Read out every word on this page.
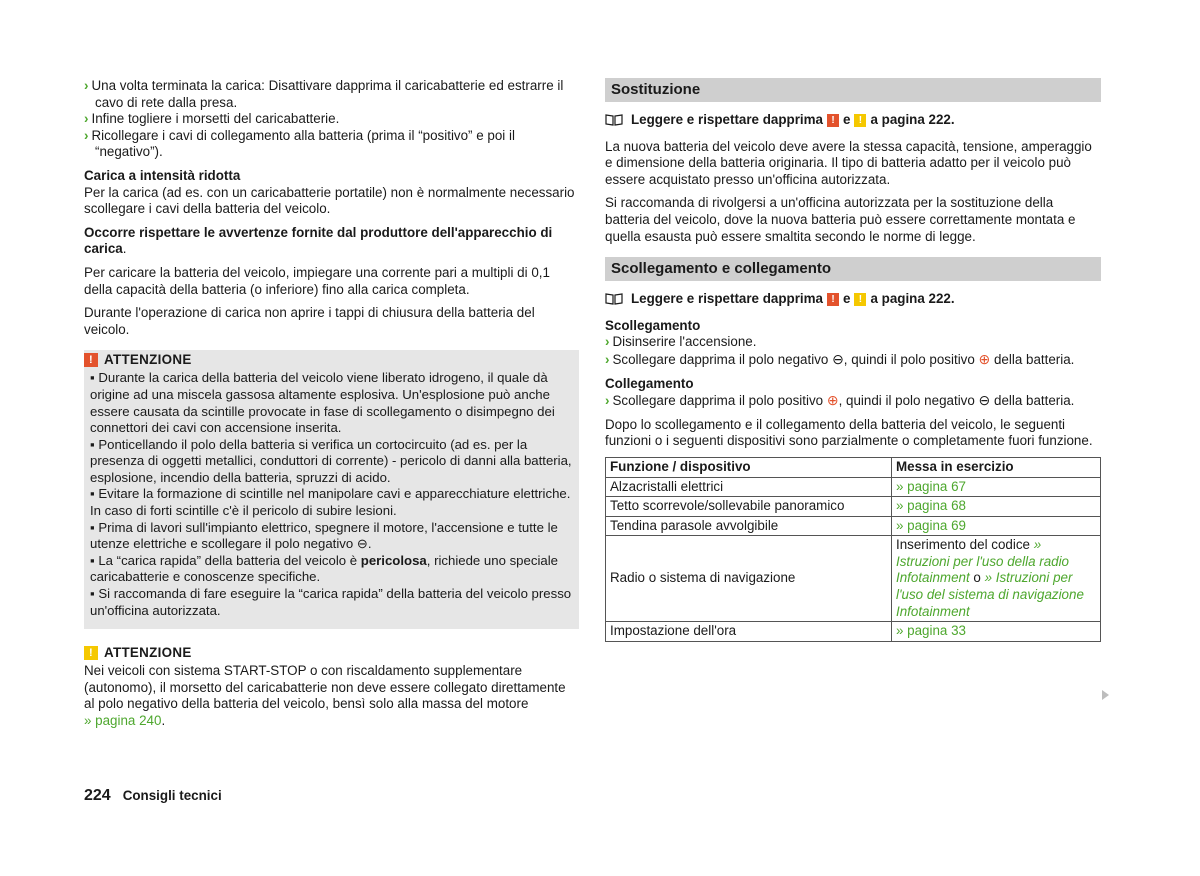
› Una volta terminata la carica: Disattivare dapprima il caricabatterie ed estrarre il cavo di rete dalla presa.

› Infine togliere i morsetti del caricabatterie.

› Ricollegare i cavi di collegamento alla batteria (prima il “positivo” e poi il “negativo”).

Carica a intensità ridotta

Per la carica (ad es. con un caricabatterie portatile) non è normalmente necessario scollegare i cavi della batteria del veicolo.

Occorre rispettare le avvertenze fornite dal produttore dell'apparecchio di carica.

Per caricare la batteria del veicolo, impiegare una corrente pari a multipli di 0,1 della capacità della batteria (o inferiore) fino alla carica completa.

Durante l'operazione di carica non aprire i tappi di chiusura della batteria del veicolo.

! ATTENZIONE

▪ Durante la carica della batteria del veicolo viene liberato idrogeno, il quale dà origine ad una miscela gassosa altamente esplosiva. Un'esplosione può anche essere causata da scintille provocate in fase di scollegamento o disimpegno dei connettori dei cavi con accensione inserita.

▪ Ponticellando il polo della batteria si verifica un cortocircuito (ad es. per la presenza di oggetti metallici, conduttori di corrente) - pericolo di danni alla batteria, esplosione, incendio della batteria, spruzzi di acido.

▪ Evitare la formazione di scintille nel manipolare cavi e apparecchiature elettriche. In caso di forti scintille c'è il pericolo di subire lesioni.

▪ Prima di lavori sull'impianto elettrico, spegnere il motore, l'accensione e tutte le utenze elettriche e scollegare il polo negativo ⊖.

▪ La “carica rapida” della batteria del veicolo è pericolosa, richiede uno speciale caricabatterie e conoscenze specifiche.

▪ Si raccomanda di fare eseguire la “carica rapida” della batteria del veicolo presso un'officina autorizzata.

! ATTENZIONE

Nei veicoli con sistema START-STOP o con riscaldamento supplementare (autonomo), il morsetto del caricabatterie non deve essere collegato direttamente al polo negativo della batteria del veicolo, bensì solo alla massa del motore
» pagina 240.

Sostituzione
Leggere e rispettare dapprima ! e ! a pagina 222.

La nuova batteria del veicolo deve avere la stessa capacità, tensione, amperaggio e dimensione della batteria originaria. Il tipo di batteria adatto per il veicolo può essere acquistato presso un'officina autorizzata.

Si raccomanda di rivolgersi a un'officina autorizzata per la sostituzione della batteria del veicolo, dove la nuova batteria può essere correttamente montata e quella esausta può essere smaltita secondo le norme di legge.

Scollegamento e collegamento
Leggere e rispettare dapprima ! e ! a pagina 222.
Scollegamento

› Disinserire l'accensione.

› Scollegare dapprima il polo negativo ⊖, quindi il polo positivo ⊕ della batteria.

Collegamento

› Scollegare dapprima il polo positivo ⊕, quindi il polo negativo ⊖ della batteria.

Dopo lo scollegamento e il collegamento della batteria del veicolo, le seguenti funzioni o i seguenti dispositivi sono parzialmente o completamente fuori funzione.

Funzione / dispositivo	Messa in esercizio
Alzacristalli elettrici	» pagina 67
Tetto scorrevole/sollevabile panoramico	» pagina 68
Tendina parasole avvolgibile	» pagina 69
Radio o sistema di navigazione	Inserimento del codice » Istruzioni per l'uso della radio Infotainment o » Istruzioni per l'uso del sistema di navigazione Infotainment
Impostazione dell'ora	» pagina 33
224 Consigli tecnici
